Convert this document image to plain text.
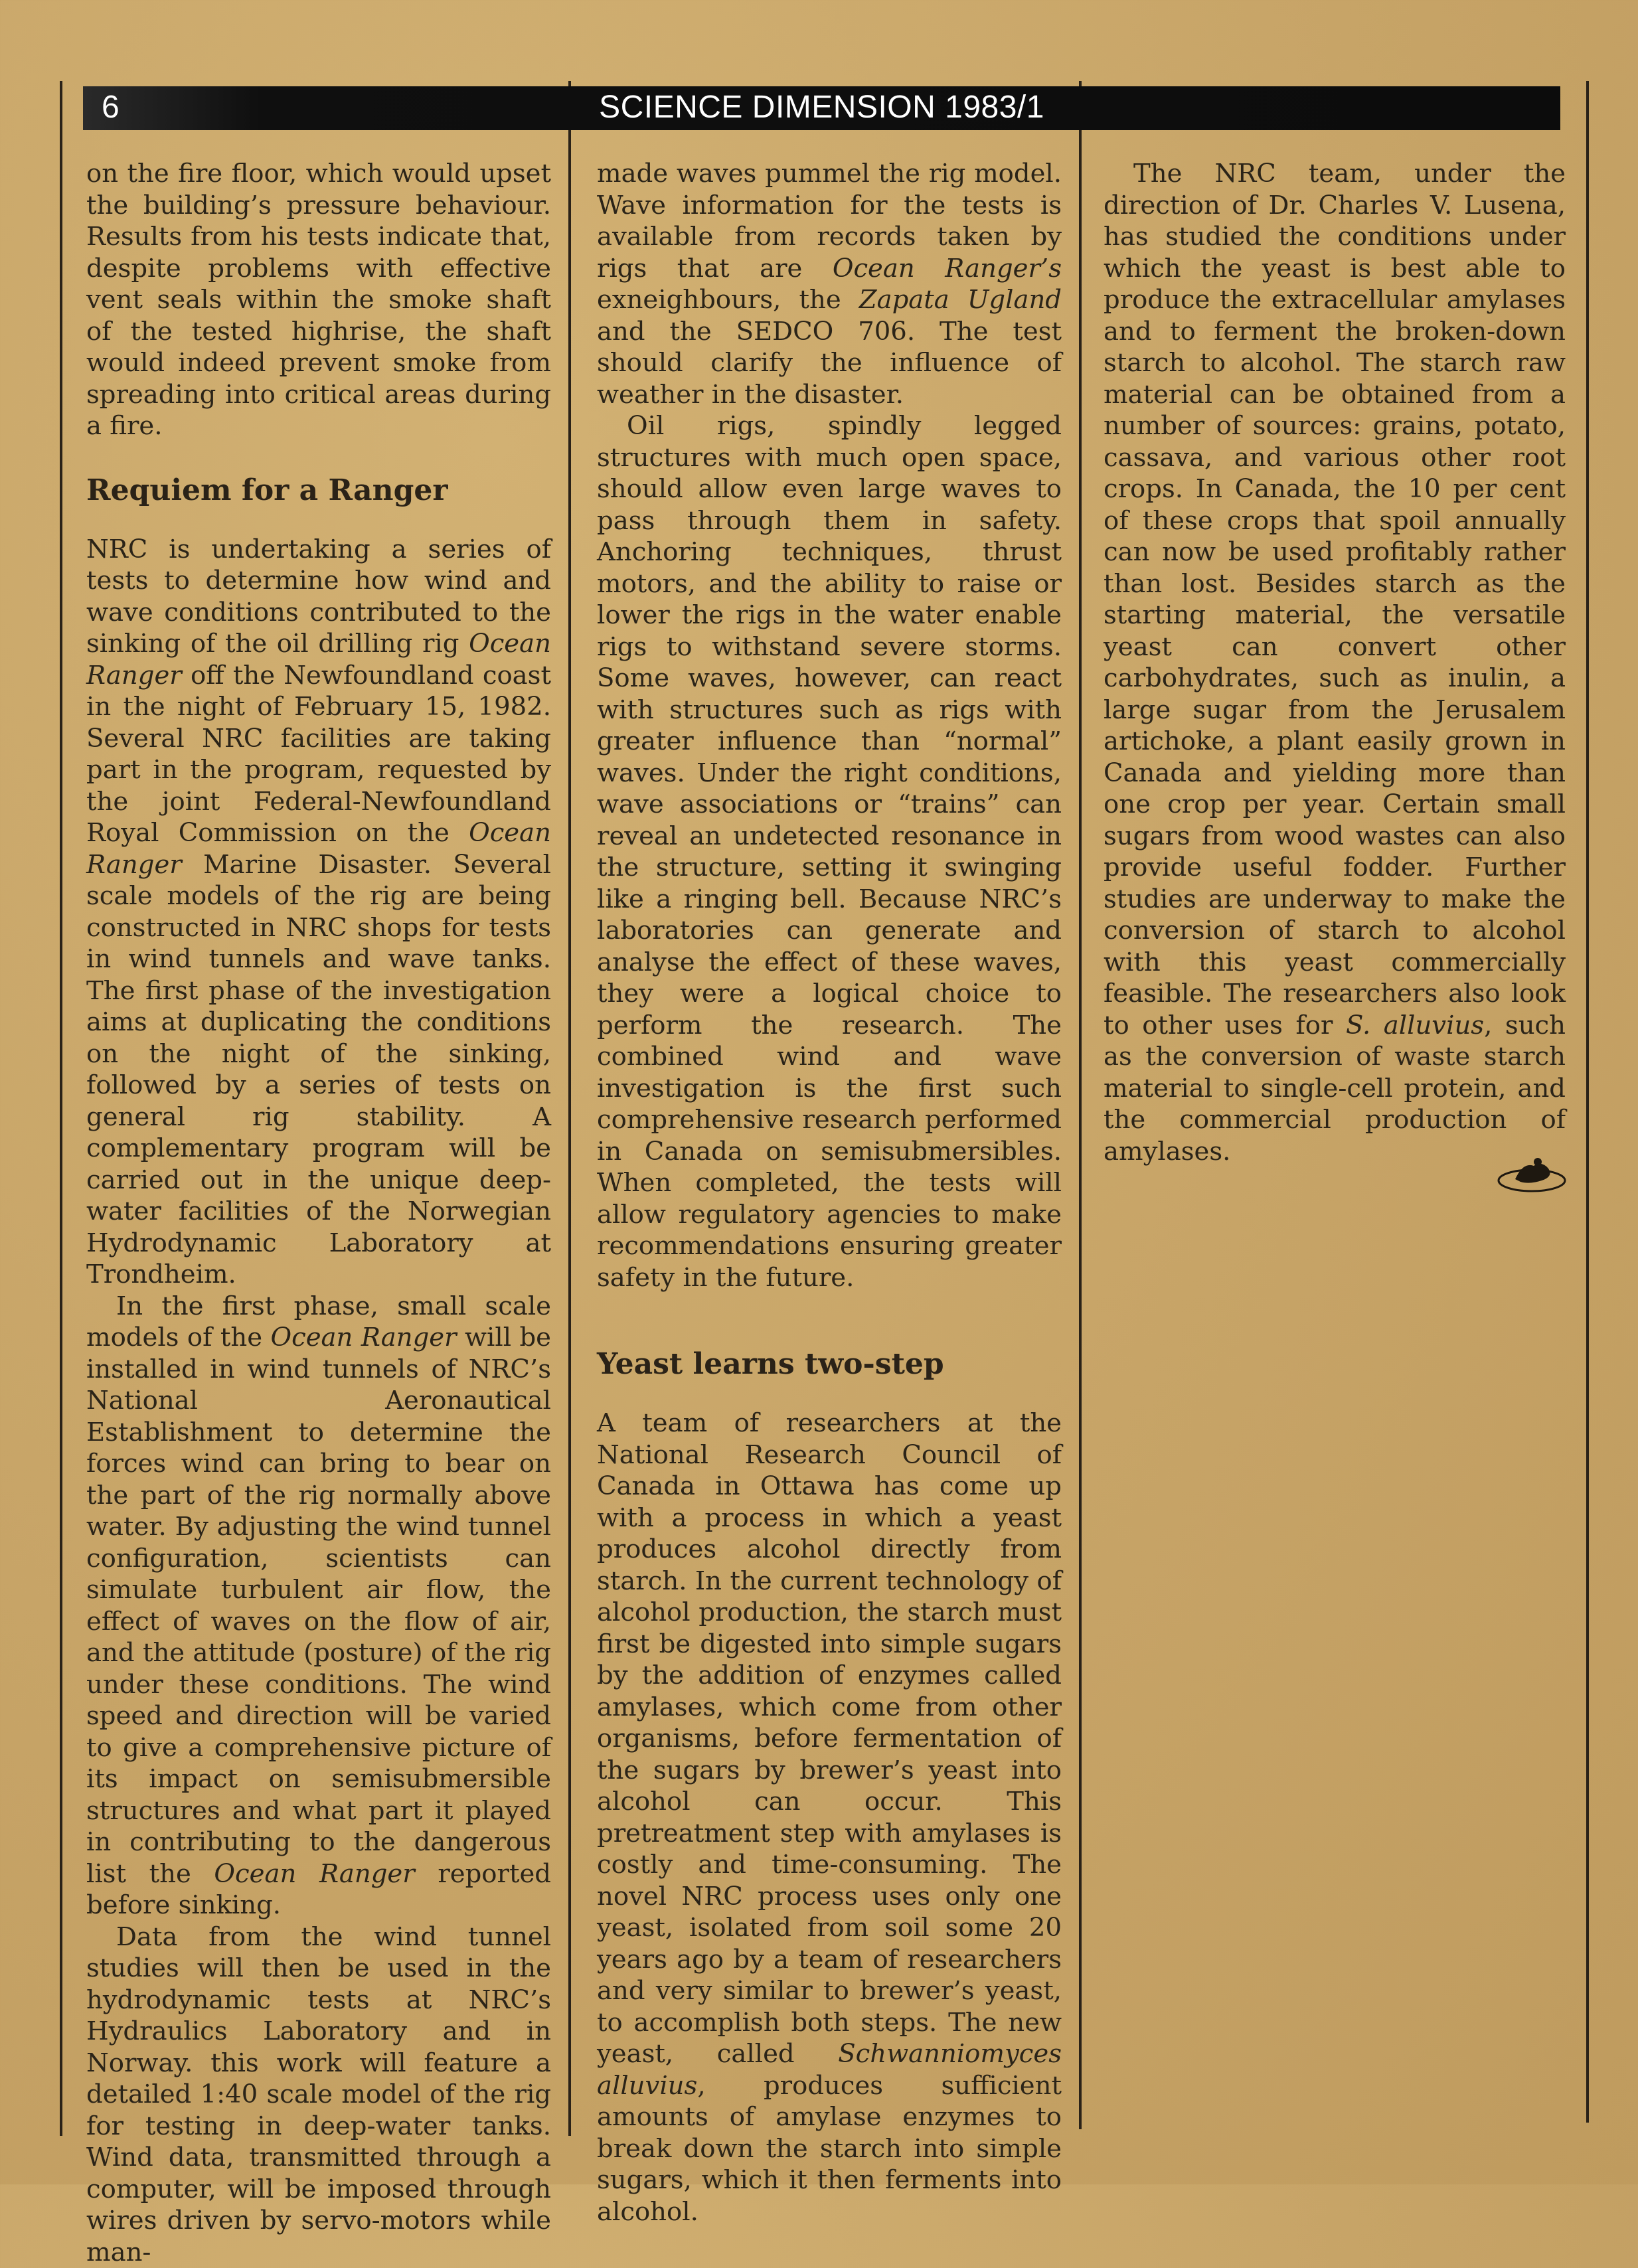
6	SCIENCE DIMENSION 1983/1

on the fire floor, which would upset the building’s pressure behaviour. Results from his tests indicate that, despite problems with effective vent seals within the smoke shaft of the tested highrise, the shaft would indeed prevent smoke from spreading into critical areas during a fire.

Requiem for a Ranger

NRC is undertaking a series of tests to determine how wind and wave conditions contributed to the sinking of the oil drilling rig Ocean Ranger off the Newfoundland coast in the night of February 15, 1982. Several NRC facilities are taking part in the program, requested by the joint Federal-Newfoundland Royal Commission on the Ocean Ranger Marine Disaster. Several scale models of the rig are being constructed in NRC shops for tests in wind tunnels and wave tanks. The first phase of the investigation aims at duplicating the conditions on the night of the sinking, followed by a series of tests on general rig stability. A complementary program will be carried out in the unique deep-water facilities of the Norwegian Hydrodynamic Laboratory at Trondheim.

In the first phase, small scale models of the Ocean Ranger will be installed in wind tunnels of NRC’s National Aeronautical Establishment to determine the forces wind can bring to bear on the part of the rig normally above water. By adjusting the wind tunnel configuration, scientists can simulate turbulent air flow, the effect of waves on the flow of air, and the attitude (posture) of the rig under these conditions. The wind speed and direction will be varied to give a comprehensive picture of its impact on semisubmersible structures and what part it played in contributing to the dangerous list the Ocean Ranger reported before sinking.

Data from the wind tunnel studies will then be used in the hydrodynamic tests at NRC’s Hydraulics Laboratory and in Norway. this work will feature a detailed 1:40 scale model of the rig for testing in deep-water tanks. Wind data, transmitted through a computer, will be imposed through wires driven by servo-motors while man-

made waves pummel the rig model. Wave information for the tests is available from records taken by rigs that are Ocean Ranger’s exneighbours, the Zapata Ugland and the SEDCO 706. The test should clarify the influence of weather in the disaster.

Oil rigs, spindly legged structures with much open space, should allow even large waves to pass through them in safety. Anchoring techniques, thrust motors, and the ability to raise or lower the rigs in the water enable rigs to withstand severe storms. Some waves, however, can react with structures such as rigs with greater influence than “normal” waves. Under the right conditions, wave associations or “trains” can reveal an undetected resonance in the structure, setting it swinging like a ringing bell. Because NRC’s laboratories can generate and analyse the effect of these waves, they were a logical choice to perform the research. The combined wind and wave investigation is the first such comprehensive research performed in Canada on semisubmersibles. When completed, the tests will allow regulatory agencies to make recommendations ensuring greater safety in the future.

Yeast learns two-step

A team of researchers at the National Research Council of Canada in Ottawa has come up with a process in which a yeast produces alcohol directly from starch. In the current technology of alcohol production, the starch must first be digested into simple sugars by the addition of enzymes called amylases, which come from other organisms, before fermentation of the sugars by brewer’s yeast into alcohol can occur. This pretreatment step with amylases is costly and time-consuming. The novel NRC process uses only one yeast, isolated from soil some 20 years ago by a team of researchers and very similar to brewer’s yeast, to accomplish both steps. The new yeast, called Schwanniomyces alluvius, produces sufficient amounts of amylase enzymes to break down the starch into simple sugars, which it then ferments into alcohol.

The NRC team, under the direction of Dr. Charles V. Lusena, has studied the conditions under which the yeast is best able to produce the extracellular amylases and to ferment the broken-down starch to alcohol. The starch raw material can be obtained from a number of sources: grains, potato, cassava, and various other root crops. In Canada, the 10 per cent of these crops that spoil annually can now be used profitably rather than lost. Besides starch as the starting material, the versatile yeast can convert other carbohydrates, such as inulin, a large sugar from the Jerusalem artichoke, a plant easily grown in Canada and yielding more than one crop per year. Certain small sugars from wood wastes can also provide useful fodder. Further studies are underway to make the conversion of starch to alcohol with this yeast commercially feasible. The researchers also look to other uses for S. alluvius, such as the conversion of waste starch material to single-cell protein, and the commercial production of amylases.
